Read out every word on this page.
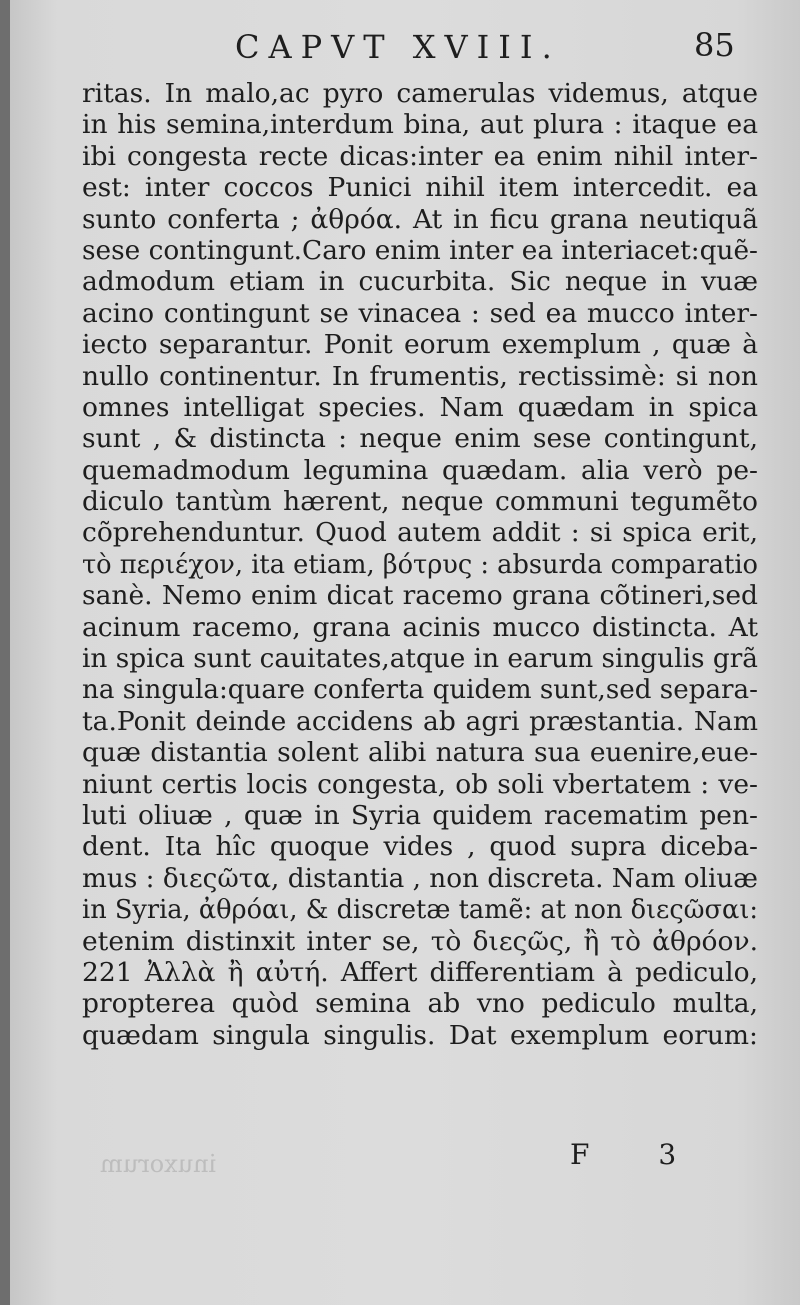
CAPVT XVIII.	85
ritas. In malo,ac pyro camerulas videmus, atque
in his semina,interdum bina, aut plura : itaque ea
ibi congesta recte dicas:inter ea enim nihil inter-
est: inter coccos Punici nihil item intercedit. ea
sunto conferta ; ἀθρόα. At in ficu grana neutiquã
sese contingunt.Caro enim inter ea interiacet:quẽ-
admodum etiam in cucurbita. Sic neque in vuæ
acino contingunt se vinacea : sed ea mucco inter-
iecto separantur. Ponit eorum exemplum , quæ à
nullo continentur. In frumentis, rectissimè: si non
omnes intelligat species. Nam quædam in spica
sunt , & distincta : neque enim sese contingunt,
quemadmodum legumina quædam. alia verò pe-
diculo tantùm hærent, neque communi tegumẽto
cõprehenduntur. Quod autem addit : si spica erit,
τὸ περιέχον, ita etiam, βότρυς : absurda comparatio
sanè. Nemo enim dicat racemo grana cõtineri,sed
acinum racemo, grana acinis mucco distincta. At
in spica sunt cauitates,atque in earum singulis grã
na singula:quare conferta quidem sunt,sed separa-
ta.Ponit deinde accidens ab agri præstantia. Nam
quæ distantia solent alibi natura sua euenire,eue-
niunt certis locis congesta, ob soli vbertatem : ve-
luti oliuæ , quæ in Syria quidem racematim pen-
dent. Ita hîc quoque vides , quod supra diceba-
mus : διεςῶτα, distantia , non discreta. Nam oliuæ
in Syria, ἀθρόαι, & discretæ tamẽ: at non διεςῶσαι:
etenim distinxit inter se, τὸ διεςῶς, ἢ τὸ ἀθρόον.
221 Ἀλλὰ ἢ αὐτή. Affert differentiam à pediculo,
propterea quòd semina ab vno pediculo multa,
quædam singula singulis. Dat exemplum eorum:
inuxorum	F 3
